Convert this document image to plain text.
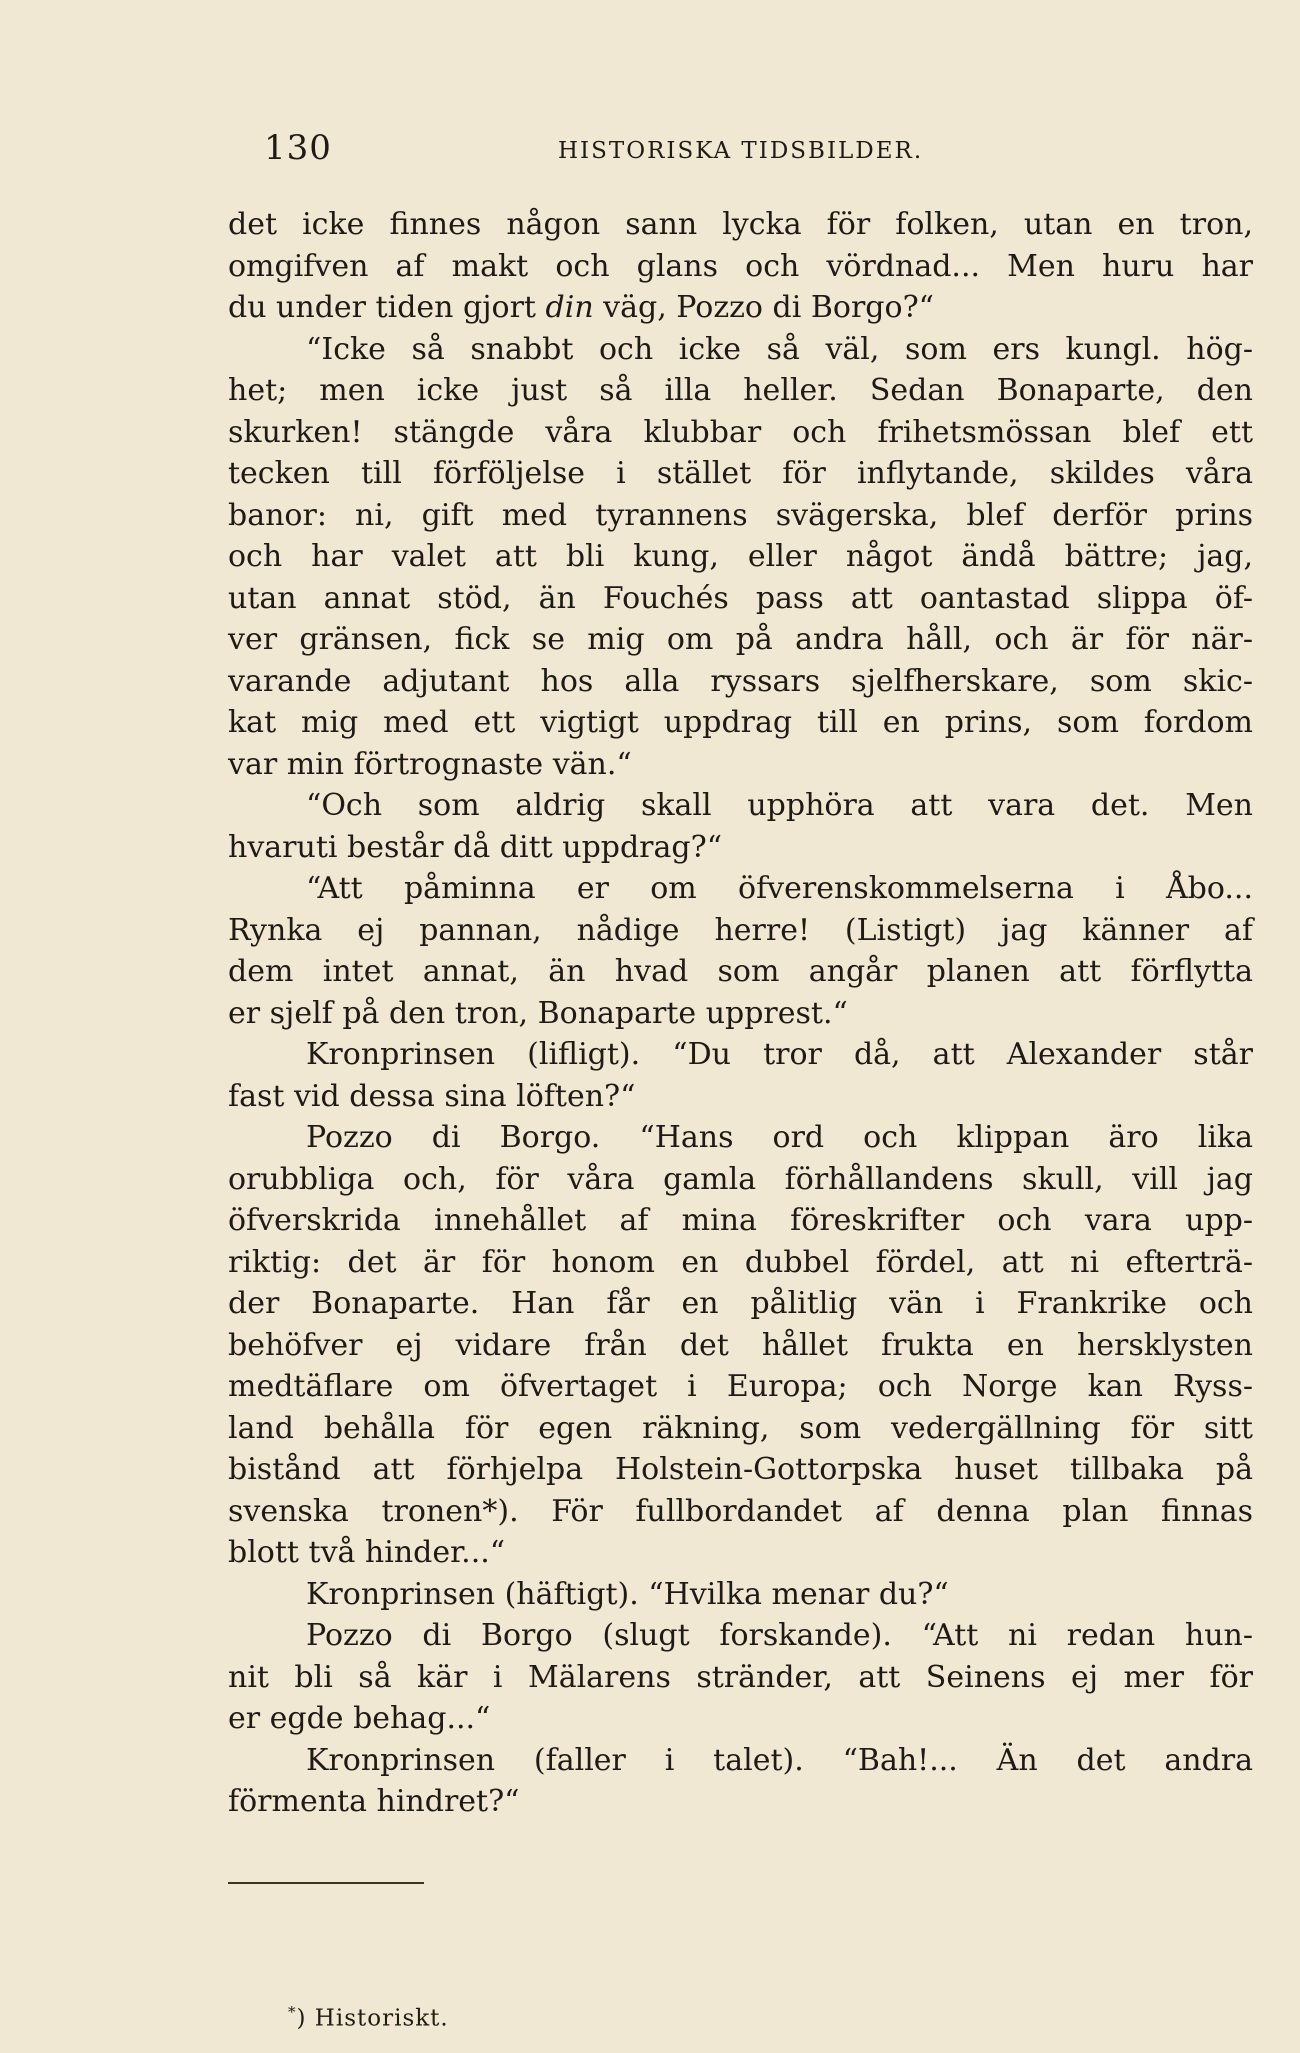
130	HISTORISKA TIDSBILDER.
det icke finnes någon sann lycka för folken, utan en tron,
omgifven af makt och glans och vördnad... Men huru har
du under tiden gjort din väg, Pozzo di Borgo?“
“Icke så snabbt och icke så väl, som ers kungl. hög-
het; men icke just så illa heller. Sedan Bonaparte, den
skurken! stängde våra klubbar och frihetsmössan blef ett
tecken till förföljelse i stället för inflytande, skildes våra
banor: ni, gift med tyrannens svägerska, blef derför prins
och har valet att bli kung, eller något ändå bättre; jag,
utan annat stöd, än Fouchés pass att oantastad slippa öf-
ver gränsen, fick se mig om på andra håll, och är för när-
varande adjutant hos alla ryssars sjelfherskare, som skic-
kat mig med ett vigtigt uppdrag till en prins, som fordom
var min förtrognaste vän.“
“Och som aldrig skall upphöra att vara det. Men
hvaruti består då ditt uppdrag?“
“Att påminna er om öfverenskommelserna i Åbo...
Rynka ej pannan, nådige herre! (Listigt) jag känner af
dem intet annat, än hvad som angår planen att förflytta
er sjelf på den tron, Bonaparte upprest.“
Kronprinsen (lifligt). “Du tror då, att Alexander står
fast vid dessa sina löften?“
Pozzo di Borgo. “Hans ord och klippan äro lika
orubbliga och, för våra gamla förhållandens skull, vill jag
öfverskrida innehållet af mina föreskrifter och vara upp-
riktig: det är för honom en dubbel fördel, att ni efterträ-
der Bonaparte. Han får en pålitlig vän i Frankrike och
behöfver ej vidare från det hållet frukta en hersklysten
medtäflare om öfvertaget i Europa; och Norge kan Ryss-
land behålla för egen räkning, som vedergällning för sitt
bistånd att förhjelpa Holstein-Gottorpska huset tillbaka på
svenska tronen*). För fullbordandet af denna plan finnas
blott två hinder...“
Kronprinsen (häftigt). “Hvilka menar du?“
Pozzo di Borgo (slugt forskande). “Att ni redan hun-
nit bli så kär i Mälarens stränder, att Seinens ej mer för
er egde behag...“
Kronprinsen (faller i talet). “Bah!... Än det andra
förmenta hindret?“
*) Historiskt.
